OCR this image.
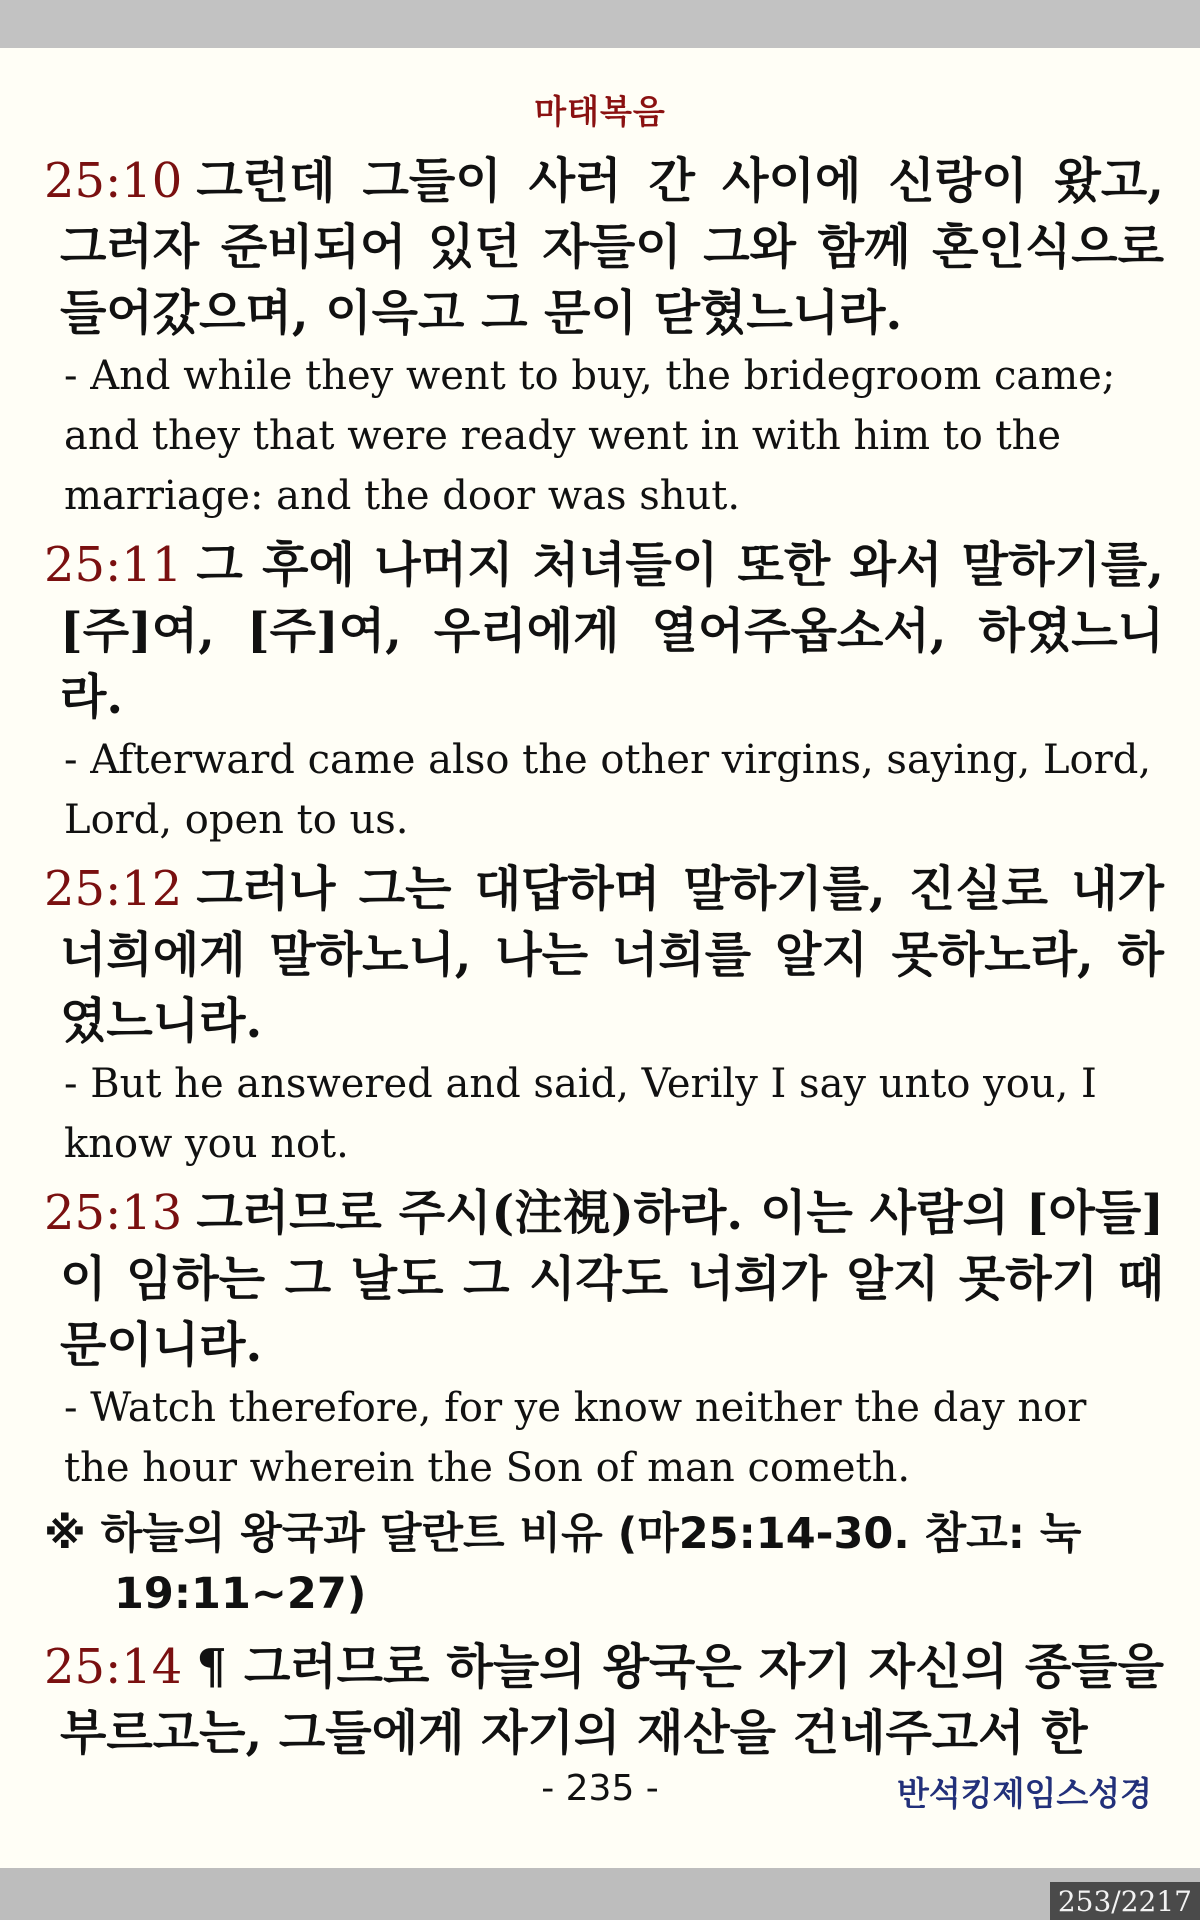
마태복음

25:10 그런데 그들이 사러 간 사이에 신랑이 왔고, 그러자 준비되어 있던 자들이 그와 함께 혼인식으로 들어갔으며, 이윽고 그 문이 닫혔느니라.

- And while they went to buy, the bridegroom came; and they that were ready went in with him to the marriage: and the door was shut.

25:11 그 후에 나머지 처녀들이 또한 와서 말하기를, [주]여, [주]여, 우리에게 열어주옵소서, 하였느니라.

- Afterward came also the other virgins, saying, Lord, Lord, open to us.

25:12 그러나 그는 대답하며 말하기를, 진실로 내가 너희에게 말하노니, 나는 너희를 알지 못하노라, 하였느니라.

- But he answered and said, Verily I say unto you, I know you not.

25:13 그러므로 주시(注視)하라. 이는 사람의 [아들]이 임하는 그 날도 그 시각도 너희가 알지 못하기 때문이니라.

- Watch therefore, for ye know neither the day nor the hour wherein the Son of man cometh.

※ 하늘의 왕국과 달란트 비유 (마25:14-30. 참고: 눅19:11~27)

25:14 ¶ 그러므로 하늘의 왕국은 자기 자신의 종들을 부르고는, 그들에게 자기의 재산을 건네주고서 한

- 235 -	반석킹제임스성경
253/2217
